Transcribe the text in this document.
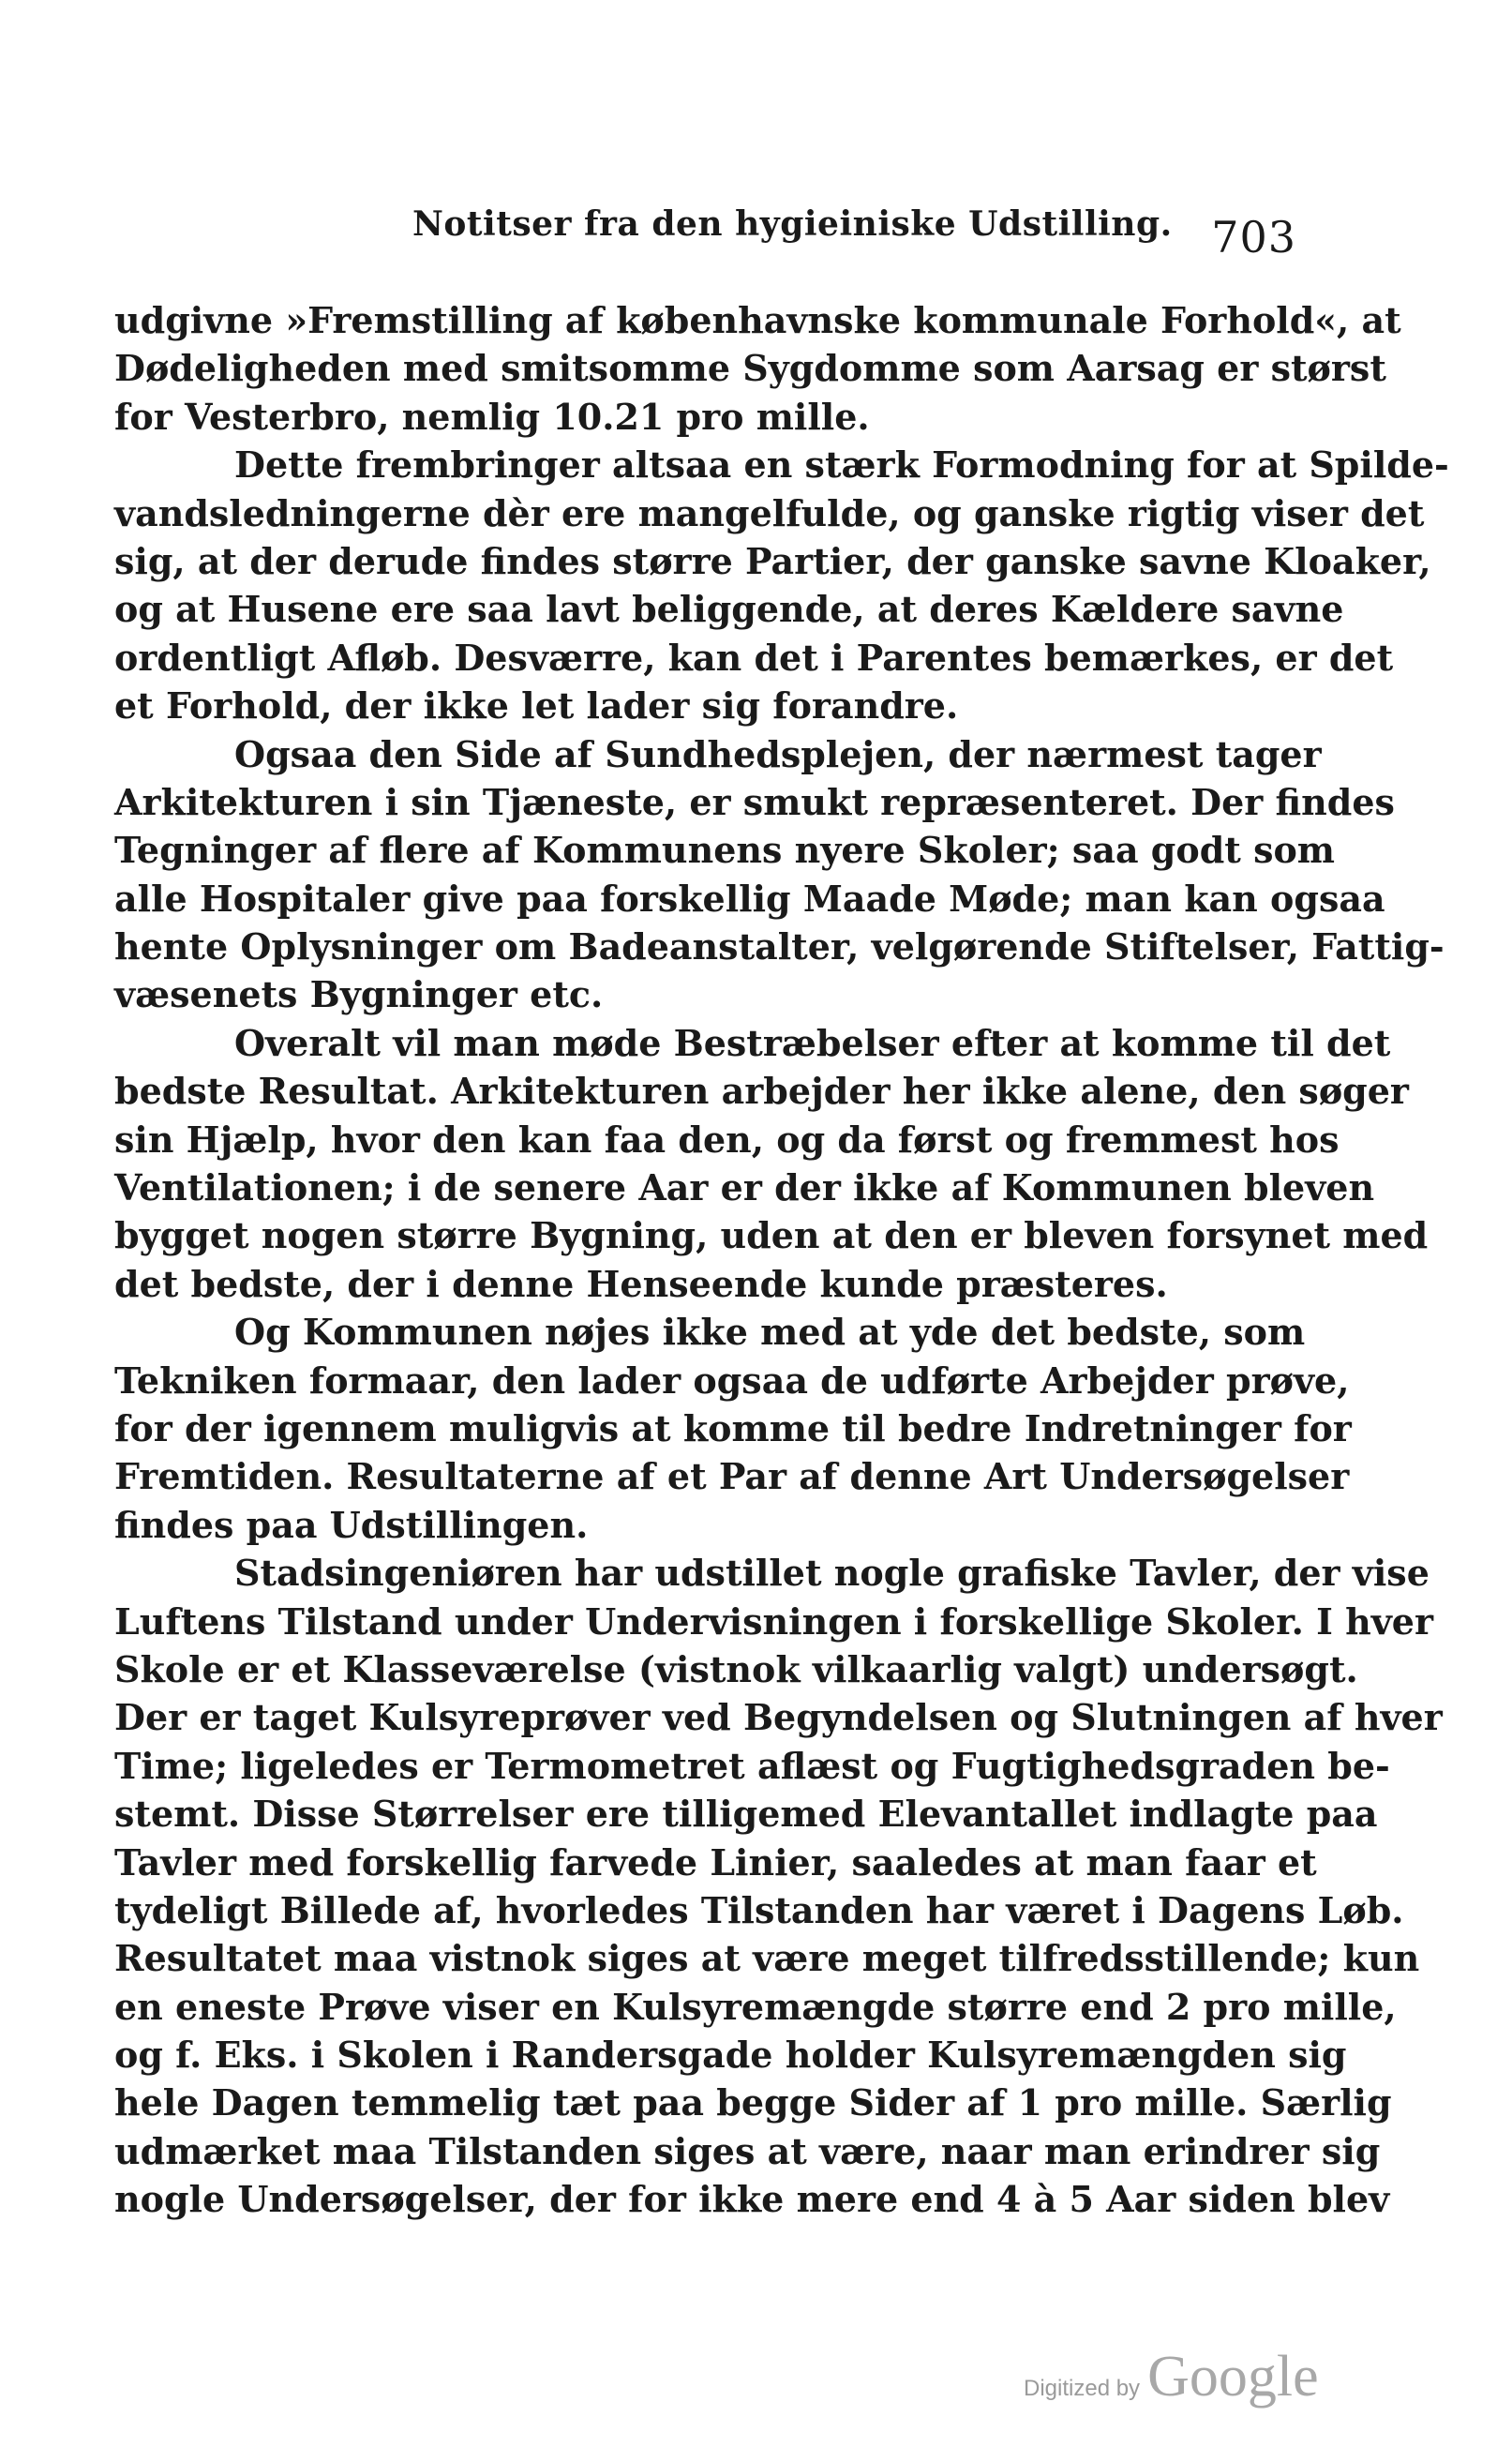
Notitser fra den hygieiniske Udstilling. 703
udgivne »Fremstilling af københavnske kommunale Forhold«, at
Dødeligheden med smitsomme Sygdomme som Aarsag er størst
for Vesterbro, nemlig 10.21 pro mille.
Dette frembringer altsaa en stærk Formodning for at Spilde-
vandsledningerne dèr ere mangelfulde, og ganske rigtig viser det
sig, at der derude findes større Partier, der ganske savne Kloaker,
og at Husene ere saa lavt beliggende, at deres Kældere savne
ordentligt Afløb. Desværre, kan det i Parentes bemærkes, er det
et Forhold, der ikke let lader sig forandre.
Ogsaa den Side af Sundhedsplejen, der nærmest tager
Arkitekturen i sin Tjæneste, er smukt repræsenteret. Der findes
Tegninger af flere af Kommunens nyere Skoler; saa godt som
alle Hospitaler give paa forskellig Maade Møde; man kan ogsaa
hente Oplysninger om Badeanstalter, velgørende Stiftelser, Fattig-
væsenets Bygninger etc.
Overalt vil man møde Bestræbelser efter at komme til det
bedste Resultat. Arkitekturen arbejder her ikke alene, den søger
sin Hjælp, hvor den kan faa den, og da først og fremmest hos
Ventilationen; i de senere Aar er der ikke af Kommunen bleven
bygget nogen større Bygning, uden at den er bleven forsynet med
det bedste, der i denne Henseende kunde præsteres.
Og Kommunen nøjes ikke med at yde det bedste, som
Tekniken formaar, den lader ogsaa de udførte Arbejder prøve,
for der igennem muligvis at komme til bedre Indretninger for
Fremtiden. Resultaterne af et Par af denne Art Undersøgelser
findes paa Udstillingen.
Stadsingeniøren har udstillet nogle grafiske Tavler, der vise
Luftens Tilstand under Undervisningen i forskellige Skoler. I hver
Skole er et Klasseværelse (vistnok vilkaarlig valgt) undersøgt.
Der er taget Kulsyreprøver ved Begyndelsen og Slutningen af hver
Time; ligeledes er Termometret aflæst og Fugtighedsgraden be-
stemt. Disse Størrelser ere tilligemed Elevantallet indlagte paa
Tavler med forskellig farvede Linier, saaledes at man faar et
tydeligt Billede af, hvorledes Tilstanden har været i Dagens Løb.
Resultatet maa vistnok siges at være meget tilfredsstillende; kun
en eneste Prøve viser en Kulsyremængde større end 2 pro mille,
og f. Eks. i Skolen i Randersgade holder Kulsyremængden sig
hele Dagen temmelig tæt paa begge Sider af 1 pro mille. Særlig
udmærket maa Tilstanden siges at være, naar man erindrer sig
nogle Undersøgelser, der for ikke mere end 4 à 5 Aar siden blev
Digitized by Google
